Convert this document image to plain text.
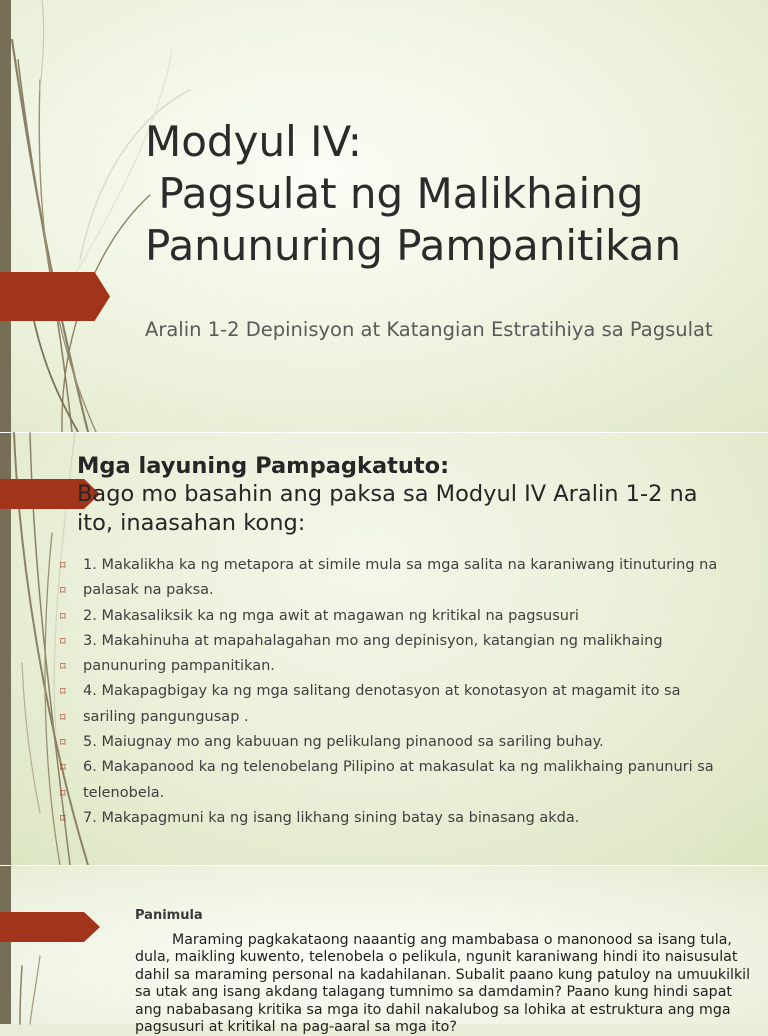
Modyul IV:
Pagsulat ng Malikhaing
Panunuring Pampanitikan
Aralin 1-2 Depinisyon at Katangian Estratihiya sa Pagsulat
Mga layuning Pampagkatuto:
Bago mo basahin ang paksa sa Modyul IV Aralin 1-2 na ito, inaasahan kong:
⌑ 1. Makalikha ka ng metapora at simile mula sa mga salita na karaniwang itinuturing na
⌑ palasak na paksa.
⌑ 2. Makasaliksik ka ng mga awit at magawan ng kritikal na pagsusuri
⌑ 3. Makahinuha at mapahalagahan mo ang depinisyon, katangian ng malikhaing
⌑ panunuring pampanitikan.
⌑ 4. Makapagbigay ka ng mga salitang denotasyon at konotasyon at magamit ito sa
⌑ sariling pangungusap .
⌑ 5. Maiugnay mo ang kabuuan ng pelikulang pinanood sa sariling buhay.
⌑ 6. Makapanood ka ng telenobelang Pilipino at makasulat ka ng malikhaing panunuri sa
⌑ telenobela.
⌑ 7. Makapagmuni ka ng isang likhang sining batay sa binasang akda.
Panimula

Maraming pagkakataong naaantig ang mambabasa o manonood sa isang tula, dula, maikling kuwento, telenobela o pelikula, ngunit karaniwang hindi ito naisusulat dahil sa maraming personal na kadahilanan. Subalit paano kung patuloy na umuukilkil sa utak ang isang akdang talagang tumnimo sa damdamin? Paano kung hindi sapat ang nababasang kritika sa mga ito dahil nakalubog sa lohika at estruktura ang mga pagsusuri at kritikal na pag-aaral sa mga ito?
